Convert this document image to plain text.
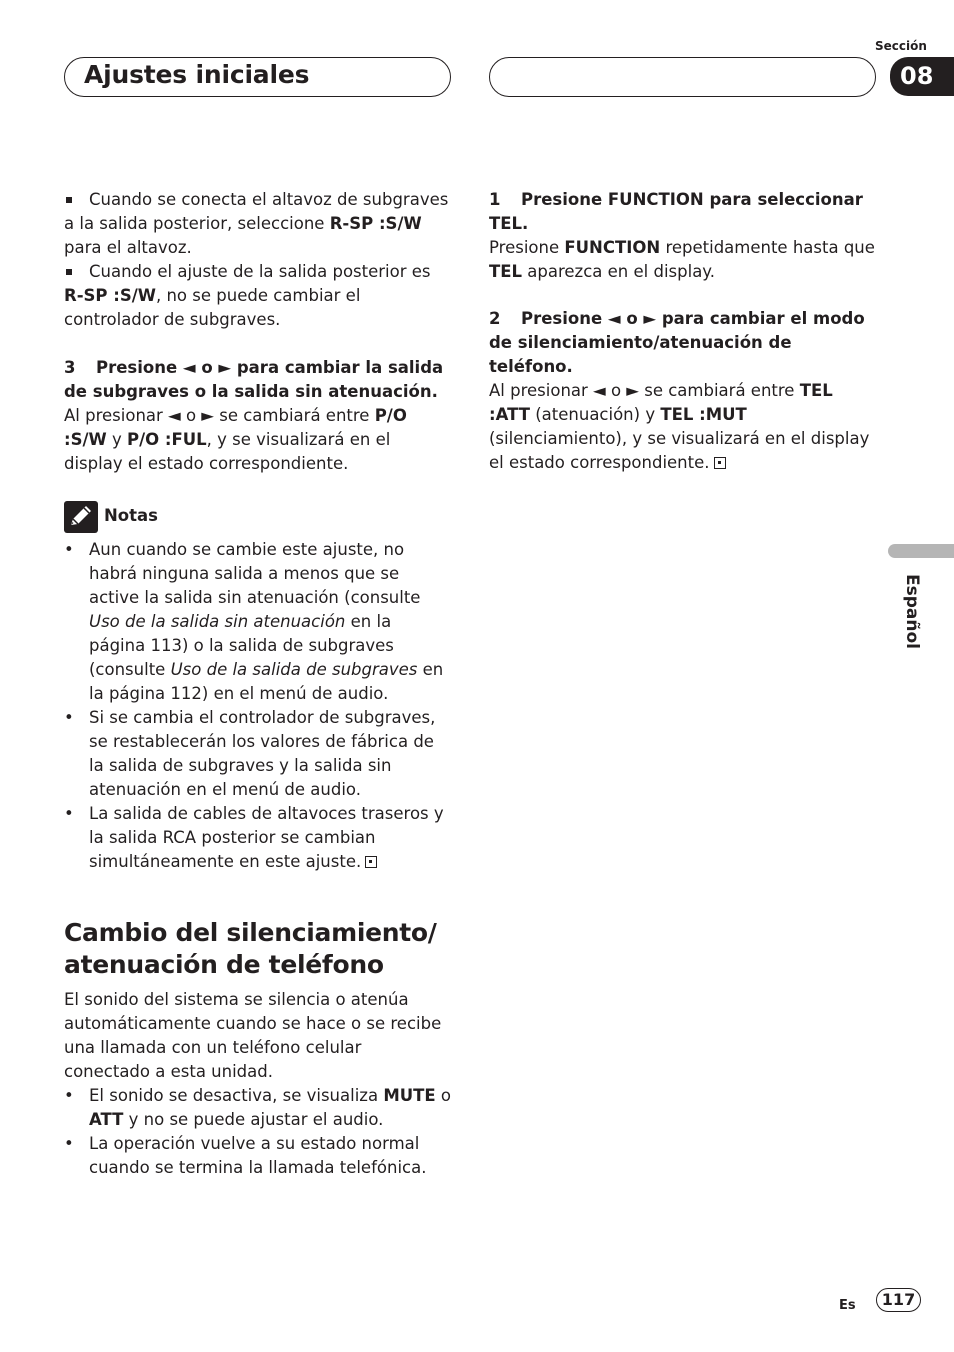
Ajustes iniciales
Sección
08
Español

Cuando se conecta el altavoz de subgraves a la salida posterior, seleccione R-SP :S/W para el altavoz.

Cuando el ajuste de la salida posterior es R-SP :S/W, no se puede cambiar el controlador de subgraves.

3 Presione ◄ o ► para cambiar la salida de subgraves o la salida sin atenuación.

Al presionar ◄ o ► se cambiará entre P/O :S/W y P/O :FUL, y se visualizará en el display el estado correspondiente.

Notas
• Aun cuando se cambie este ajuste, no habrá ninguna salida a menos que se active la salida sin atenuación (consulte Uso de la salida sin atenuación en la página 113) o la salida de subgraves (consulte Uso de la salida de subgraves en la página 112) en el menú de audio.
• Si se cambia el controlador de subgraves, se restablecerán los valores de fábrica de la salida de subgraves y la salida sin atenuación en el menú de audio.
• La salida de cables de altavoces traseros y la salida RCA posterior se cambian simultáneamente en este ajuste.
Cambio del silenciamiento/ atenuación de teléfono

El sonido del sistema se silencia o atenúa automáticamente cuando se hace o se recibe una llamada con un teléfono celular conectado a esta unidad.

• El sonido se desactiva, se visualiza MUTE o ATT y no se puede ajustar el audio.
• La operación vuelve a su estado normal cuando se termina la llamada telefónica.

1 Presione FUNCTION para seleccionar TEL.

Presione FUNCTION repetidamente hasta que TEL aparezca en el display.

2 Presione ◄ o ► para cambiar el modo de silenciamiento/atenuación de teléfono.

Al presionar ◄ o ► se cambiará entre TEL :ATT (atenuación) y TEL :MUT (silenciamiento), y se visualizará en el display el estado correspondiente.

Es	117
